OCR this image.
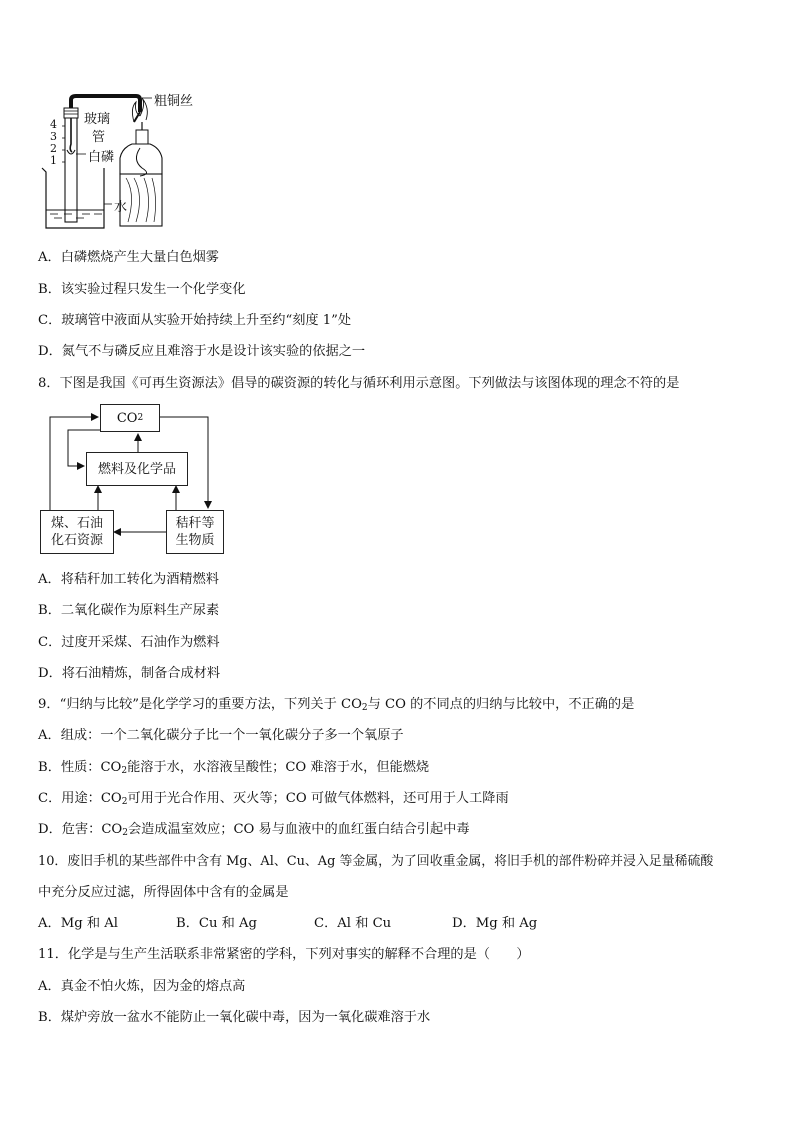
粗铜丝
玻璃
管
白磷
水
4
3
2
1
A．白磷燃烧产生大量白色烟雾
B．该实验过程只发生一个化学变化
C．玻璃管中液面从实验开始持续上升至约“刻度 1”处
D．氮气不与磷反应且难溶于水是设计该实验的依据之一
8．下图是我国《可再生资源法》倡导的碳资源的转化与循环利用示意图。下列做法与该图体现的理念不符的是
CO 2
燃料及化学品
煤、石油
化石资源
秸秆等
生物质
A．将秸秆加工转化为酒精燃料
B．二氧化碳作为原料生产尿素
C．过度开采煤、石油作为燃料
D．将石油精炼，制备合成材料
9．“归纳与比较”是化学学习的重要方法，下列关于 $CO_2$与 CO 的不同点的归纳与比较中，不正确的是
A．组成：一个二氧化碳分子比一个一氧化碳分子多一个氧原子
B．性质：$CO_2$能溶于水，水溶液呈酸性；CO 难溶于水，但能燃烧
C．用途：$CO_2$可用于光合作用、灭火等；CO 可做气体燃料，还可用于人工降雨
D．危害：$CO_2$会造成温室效应；CO 易与血液中的血红蛋白结合引起中毒
10．废旧手机的某些部件中含有 Mg、Al、Cu、Ag 等金属，为了回收重金属，将旧手机的部件粉碎并浸入足量稀硫酸
中充分反应过滤，所得固体中含有的金属是
A．Mg 和 Al	B．Cu 和 Ag	C．Al 和 Cu	D．Mg 和 Ag
11．化学是与生产生活联系非常紧密的学科，下列对事实的解释不合理的是（　　）
A．真金不怕火炼，因为金的熔点高
B．煤炉旁放一盆水不能防止一氧化碳中毒，因为一氧化碳难溶于水
